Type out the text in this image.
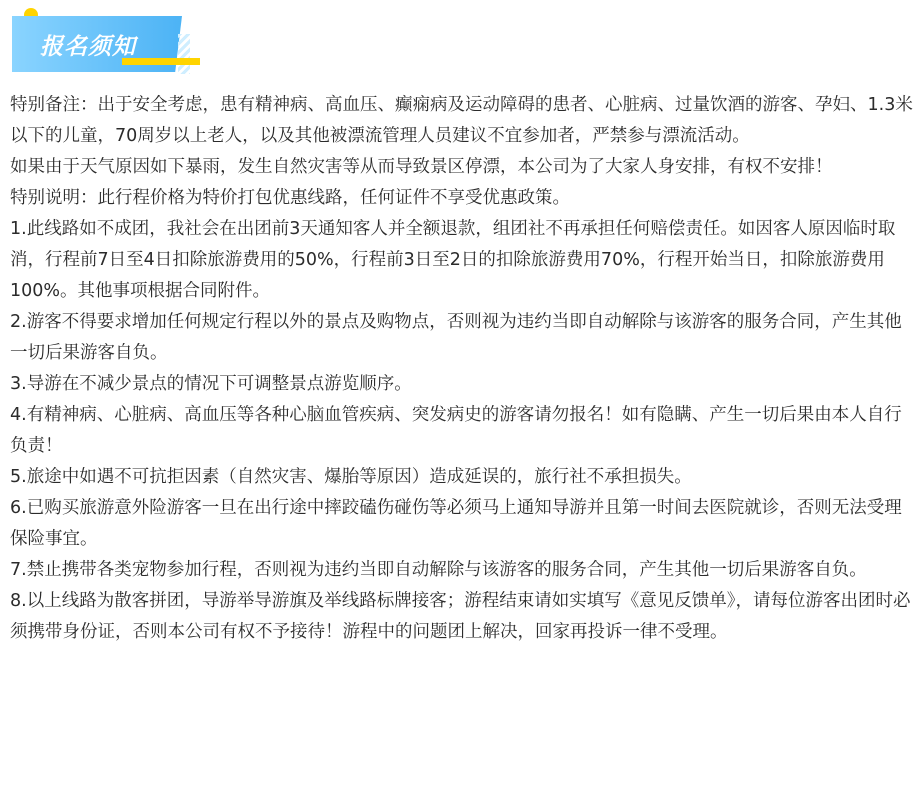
报名须知

特别备注：出于安全考虑，患有精神病、高血压、癫痫病及运动障碍的患者、心脏病、过量饮酒的游客、孕妇、1.3米以下的儿童，70周岁以上老人，以及其他被漂流管理人员建议不宜参加者，严禁参与漂流活动。

如果由于天气原因如下暴雨，发生自然灾害等从而导致景区停漂，本公司为了大家人身安排，有权不安排！

特别说明：此行程价格为特价打包优惠线路，任何证件不享受优惠政策。

1.此线路如不成团，我社会在出团前3天通知客人并全额退款，组团社不再承担任何赔偿责任。如因客人原因临时取消，行程前7日至4日扣除旅游费用的50%，行程前3日至2日的扣除旅游费用70%，行程开始当日，扣除旅游费用100%。其他事项根据合同附件。

2.游客不得要求增加任何规定行程以外的景点及购物点，否则视为违约当即自动解除与该游客的服务合同，产生其他一切后果游客自负。

3.导游在不减少景点的情况下可调整景点游览顺序。

4.有精神病、心脏病、高血压等各种心脑血管疾病、突发病史的游客请勿报名！如有隐瞒、产生一切后果由本人自行负责！

5.旅途中如遇不可抗拒因素（自然灾害、爆胎等原因）造成延误的，旅行社不承担损失。

6.已购买旅游意外险游客一旦在出行途中摔跤磕伤碰伤等必须马上通知导游并且第一时间去医院就诊，否则无法受理保险事宜。

7.禁止携带各类宠物参加行程，否则视为违约当即自动解除与该游客的服务合同，产生其他一切后果游客自负。

8.以上线路为散客拼团，导游举导游旗及举线路标牌接客；游程结束请如实填写《意见反馈单》，请每位游客出团时必须携带身份证，否则本公司有权不予接待！游程中的问题团上解决，回家再投诉一律不受理。
